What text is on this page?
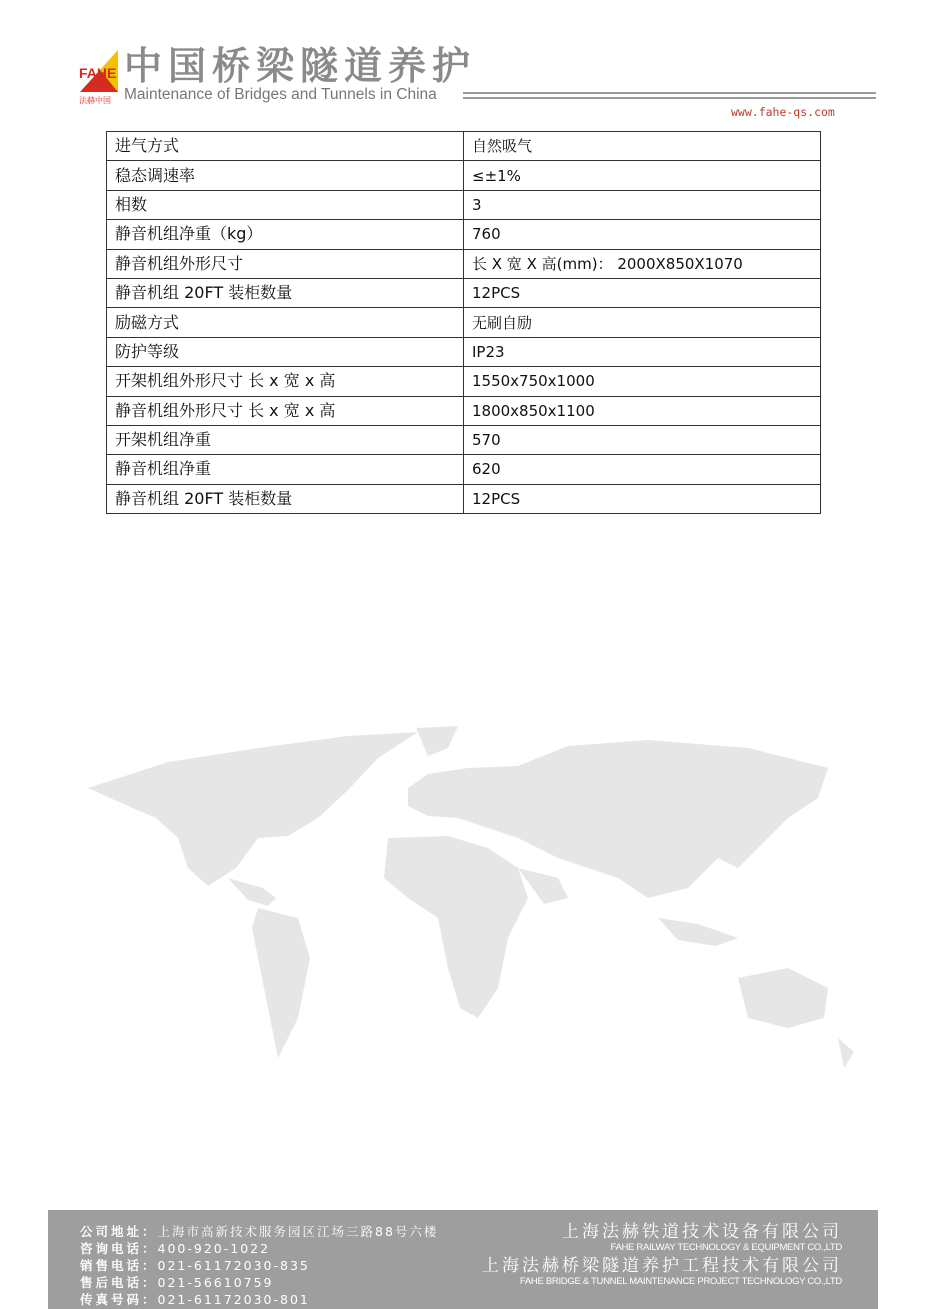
FAHE
法赫中国
中国桥梁隧道养护
Maintenance of Bridges and Tunnels in China
www.fahe-qs.com
进气方式	自然吸气
稳态调速率	≤±1%
相数	3
静音机组净重（kg）	760
静音机组外形尺寸	长 X 宽 X 高(mm)： 2000X850X1070
静音机组 20FT 装柜数量	12PCS
励磁方式	无刷自励
防护等级	IP23
开架机组外形尺寸 长 x 宽 x 高	1550x750x1000
静音机组外形尺寸 长 x 宽 x 高	1800x850x1100
开架机组净重	570
静音机组净重	620
静音机组 20FT 装柜数量	12PCS
公司地址：上海市高新技术服务园区江场三路88号六楼
咨询电话：400-920-1022
销售电话：021-61172030-835
售后电话：021-56610759
传真号码：021-61172030-801
上海法赫铁道技术设备有限公司
FAHE RAILWAY TECHNOLOGY & EQUIPMENT CO.,LTD
上海法赫桥梁隧道养护工程技术有限公司
FAHE BRIDGE & TUNNEL MAINTENANCE PROJECT TECHNOLOGY CO.,LTD
